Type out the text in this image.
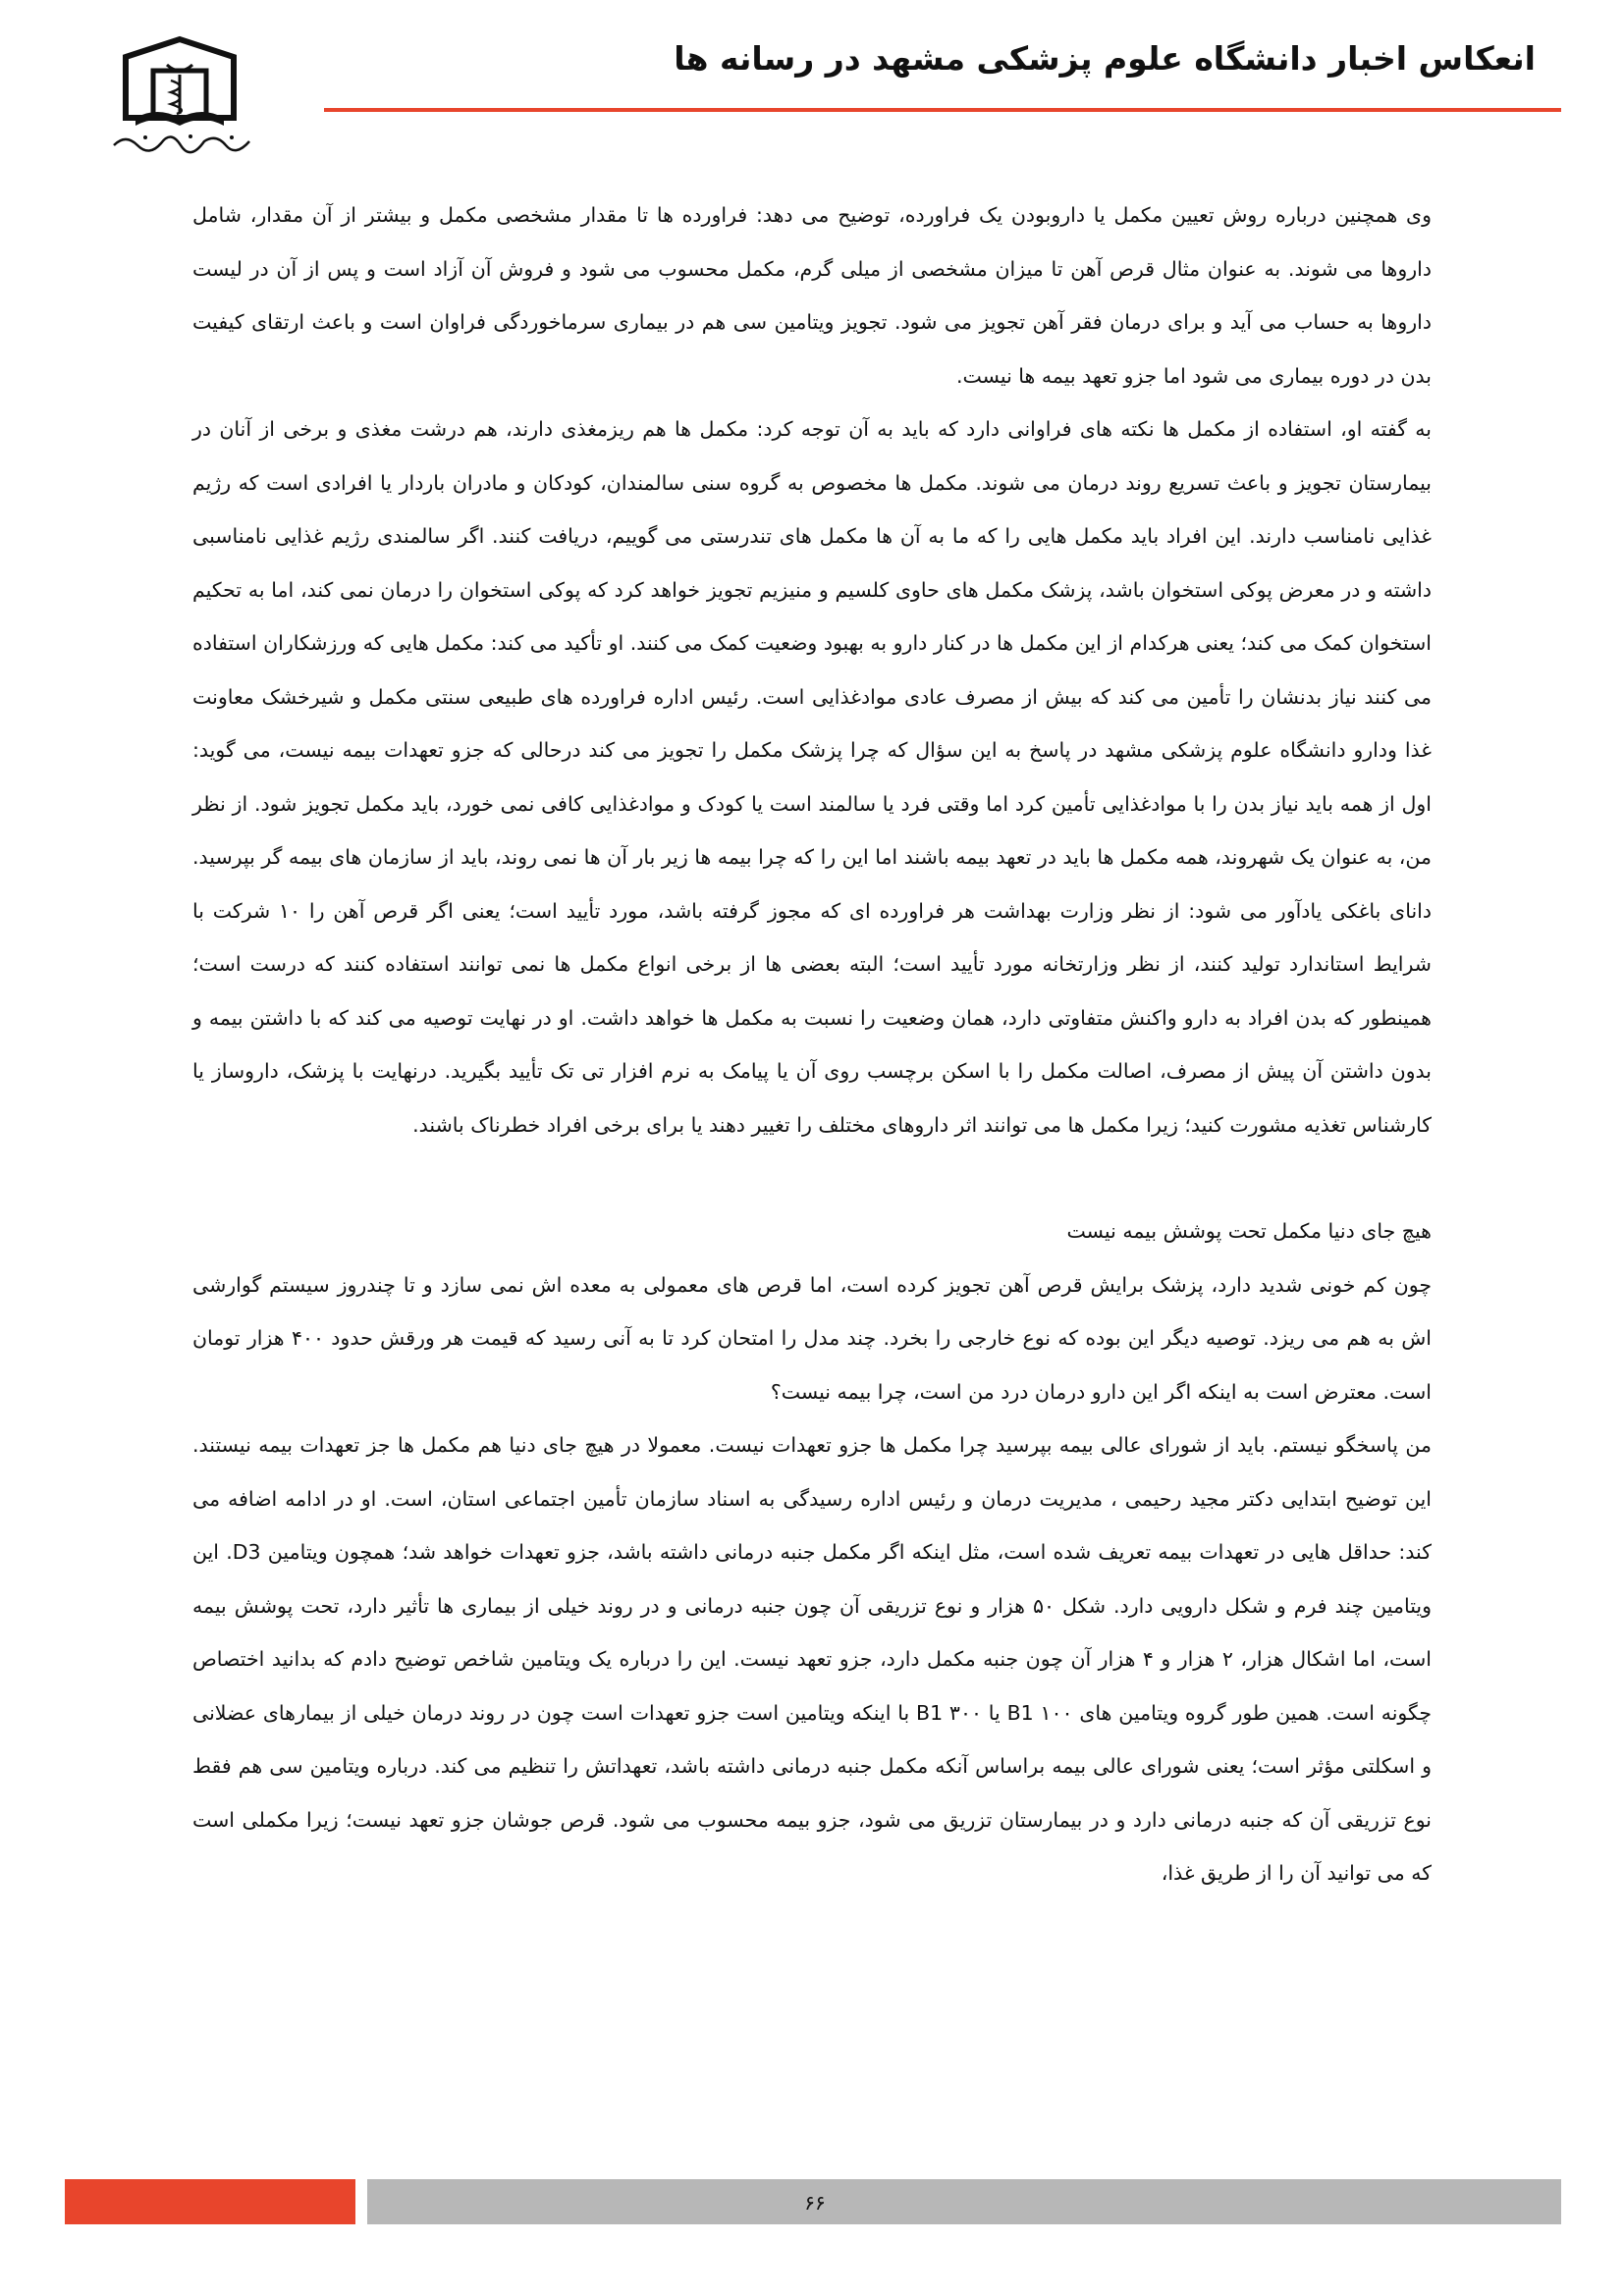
انعکاس اخبار دانشگاه علوم پزشکی مشهد در رسانه ها

وی همچنین درباره روش تعیین مکمل یا داروبودن یک فراورده، توضیح می دهد: فراورده ها تا مقدار مشخصی مکمل و بیشتر از آن مقدار، شامل داروها می شوند. به عنوان مثال قرص آهن تا میزان مشخصی از میلی گرم، مکمل محسوب می شود و فروش آن آزاد است و پس از آن در لیست داروها به حساب می آید و برای درمان فقر آهن تجویز می شود. تجویز ویتامین سی هم در بیماری سرماخوردگی فراوان است و باعث ارتقای کیفیت بدن در دوره بیماری می شود اما جزو تعهد بیمه ها نیست.

به گفته او، استفاده از مکمل ها نکته های فراوانی دارد که باید به آن توجه کرد: مکمل ها هم ریزمغذی دارند، هم درشت مغذی و برخی از آنان در بیمارستان تجویز و باعث تسریع روند درمان می شوند. مکمل ها مخصوص به گروه سنی سالمندان، کودکان و مادران باردار یا افرادی است که رژیم غذایی نامناسب دارند. این افراد باید مکمل هایی را که ما به آن ها مکمل های تندرستی می گوییم، دریافت کنند. اگر سالمندی رژیم غذایی نامناسبی داشته و در معرض پوکی استخوان باشد، پزشک مکمل های حاوی کلسیم و منیزیم تجویز خواهد کرد که پوکی استخوان را درمان نمی کند، اما به تحکیم استخوان کمک می کند؛ یعنی هرکدام از این مکمل ها در کنار دارو به بهبود وضعیت کمک می کنند. او تأکید می کند: مکمل هایی که ورزشکاران استفاده می کنند نیاز بدنشان را تأمین می کند که بیش از مصرف عادی موادغذایی است. رئیس اداره فراورده های طبیعی سنتی مکمل و شیرخشک معاونت غذا ودارو دانشگاه علوم پزشکی مشهد در پاسخ به این سؤال که چرا پزشک مکمل را تجویز می کند درحالی که جزو تعهدات بیمه نیست، می گوید: اول از همه باید نیاز بدن را با موادغذایی تأمین کرد اما وقتی فرد یا سالمند است یا کودک و موادغذایی کافی نمی خورد، باید مکمل تجویز شود. از نظر من، به عنوان یک شهروند، همه مکمل ها باید در تعهد بیمه باشند اما این را که چرا بیمه ها زیر بار آن ها نمی روند، باید از سازمان های بیمه گر بپرسید. دانای باغکی یادآور می شود: از نظر وزارت بهداشت هر فراورده ای که مجوز گرفته باشد، مورد تأیید است؛ یعنی اگر قرص آهن را ۱۰ شرکت با شرایط استاندارد تولید کنند، از نظر وزارتخانه مورد تأیید است؛ البته بعضی ها از برخی انواع مکمل ها نمی توانند استفاده کنند که درست است؛ همینطور که بدن افراد به دارو واکنش متفاوتی دارد، همان وضعیت را نسبت به مکمل ها خواهد داشت. او در نهایت توصیه می کند که با داشتن بیمه و بدون داشتن آن پیش از مصرف، اصالت مکمل را با اسکن برچسب روی آن یا پیامک به نرم افزار تی تک تأیید بگیرید. درنهایت با پزشک، داروساز یا کارشناس تغذیه مشورت کنید؛ زیرا مکمل ها می توانند اثر داروهای مختلف را تغییر دهند یا برای برخی افراد خطرناک باشند.

هیچ جای دنیا مکمل تحت پوشش بیمه نیست

چون کم خونی شدید دارد، پزشک برایش قرص آهن تجویز کرده است، اما قرص های معمولی به معده اش نمی سازد و تا چندروز سیستم گوارشی اش به هم می ریزد. توصیه دیگر این بوده که نوع خارجی را بخرد. چند مدل را امتحان کرد تا به آنی رسید که قیمت هر ورقش حدود ۴۰۰ هزار تومان است. معترض است به اینکه اگر این دارو درمان درد من است، چرا بیمه نیست؟

من پاسخگو نیستم. باید از شورای عالی بیمه بپرسید چرا مکمل ها جزو تعهدات نیست. معمولا در هیچ جای دنیا هم مکمل ها جز تعهدات بیمه نیستند. این توضیح ابتدایی دکتر مجید رحیمی ، مدیریت درمان و رئیس اداره رسیدگی به اسناد سازمان تأمین اجتماعی استان، است. او در ادامه اضافه می کند: حداقل هایی در تعهدات بیمه تعریف شده است، مثل اینکه اگر مکمل جنبه درمانی داشته باشد، جزو تعهدات خواهد شد؛ همچون ویتامین D3. این ویتامین چند فرم و شکل دارویی دارد. شکل ۵۰ هزار و نوع تزریقی آن چون جنبه درمانی و در روند خیلی از بیماری ها تأثیر دارد، تحت پوشش بیمه است، اما اشکال هزار، ۲ هزار و ۴ هزار آن چون جنبه مکمل دارد، جزو تعهد نیست. این را درباره یک ویتامین شاخص توضیح دادم که بدانید اختصاص چگونه است. همین طور گروه ویتامین های B1 ۱۰۰ یا B1 ۳۰۰ با اینکه ویتامین است جزو تعهدات است چون در روند درمان خیلی از بیمارهای عضلانی و اسکلتی مؤثر است؛ یعنی شورای عالی بیمه براساس آنکه مکمل جنبه درمانی داشته باشد، تعهداتش را تنظیم می کند. درباره ویتامین سی هم فقط نوع تزریقی آن که جنبه درمانی دارد و در بیمارستان تزریق می شود، جزو بیمه محسوب می شود. قرص جوشان جزو تعهد نیست؛ زیرا مکملی است که می توانید آن را از طریق غذا،

۶۶
